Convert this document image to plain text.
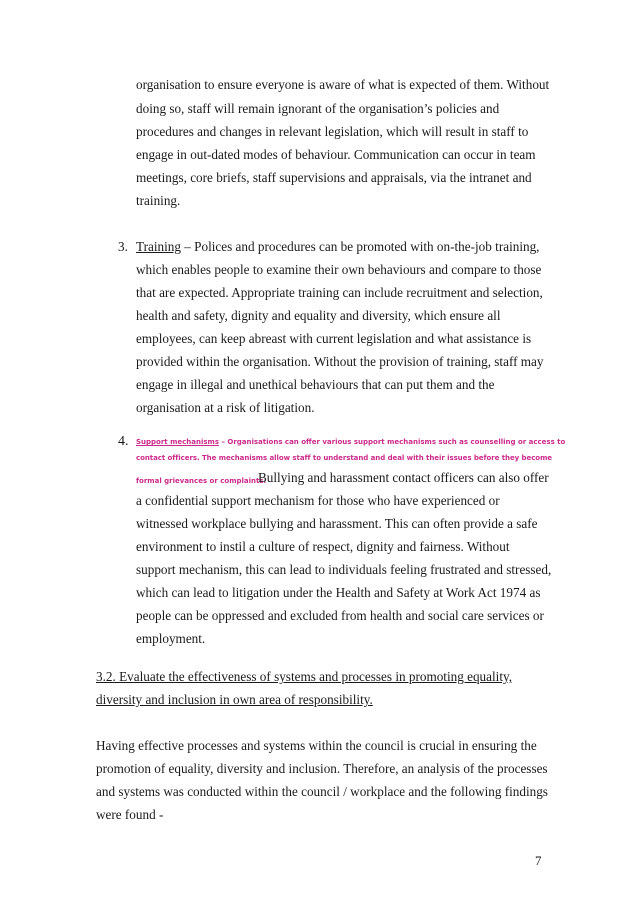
organisation to ensure everyone is aware of what is expected of them. Without
doing so, staff will remain ignorant of the organisation’s policies and
procedures and changes in relevant legislation, which will result in staff to
engage in out-dated modes of behaviour. Communication can occur in team
meetings, core briefs, staff supervisions and appraisals, via the intranet and
training.
3. Training – Polices and procedures can be promoted with on-the-job training,
which enables people to examine their own behaviours and compare to those
that are expected. Appropriate training can include recruitment and selection,
health and safety, dignity and equality and diversity, which ensure all
employees, can keep abreast with current legislation and what assistance is
provided within the organisation. Without the provision of training, staff may
engage in illegal and unethical behaviours that can put them and the
organisation at a risk of litigation.
4. Support mechanisms – Organisations can offer various support mechanisms such as counselling or access to
contact officers. The mechanisms allow staff to understand and deal with their issues before they become
formal grievances or complaints.
Bullying and harassment contact officers can also offer
a confidential support mechanism for those who have experienced or
witnessed workplace bullying and harassment. This can often provide a safe
environment to instil a culture of respect, dignity and fairness. Without
support mechanism, this can lead to individuals feeling frustrated and stressed,
which can lead to litigation under the Health and Safety at Work Act 1974 as
people can be oppressed and excluded from health and social care services or
employment.
3.2. Evaluate the effectiveness of systems and processes in promoting equality,
diversity and inclusion in own area of responsibility.
Having effective processes and systems within the council is crucial in ensuring the
promotion of equality, diversity and inclusion. Therefore, an analysis of the processes
and systems was conducted within the council / workplace and the following findings
were found -
7
